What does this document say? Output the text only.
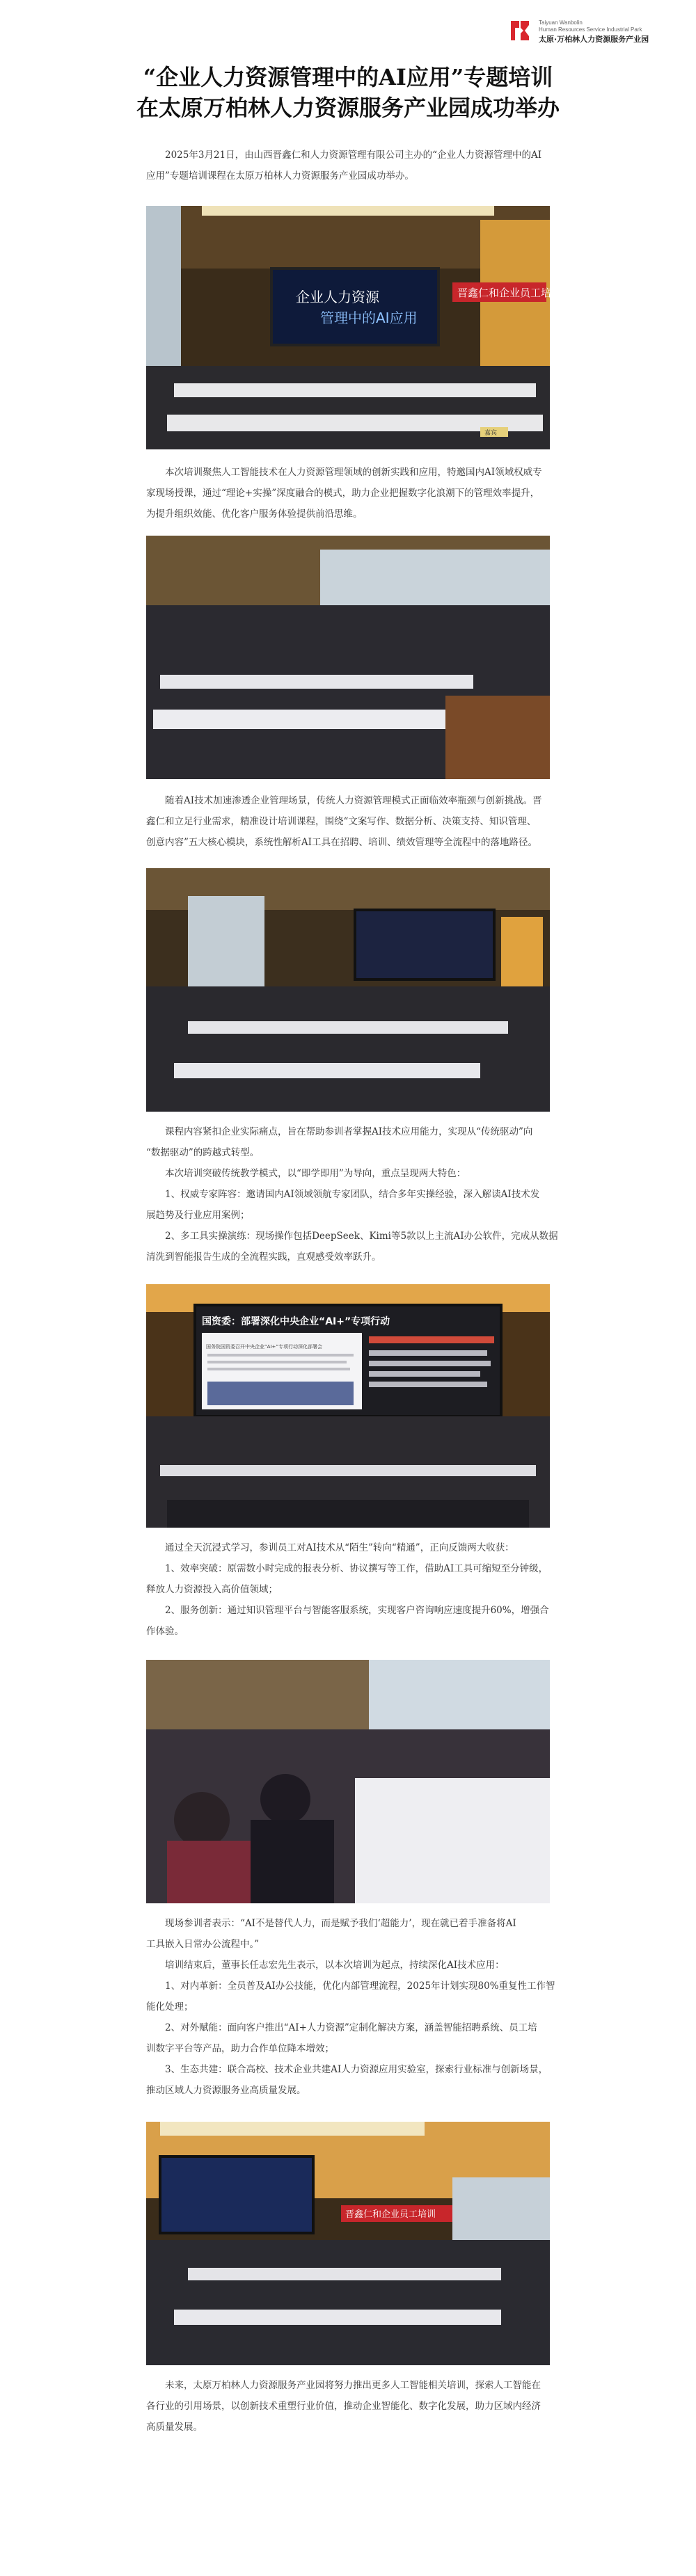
Taiyuan Wanbolin
Human Resources Service Industrial Park
太原·万柏林人力资源服务产业园
“企业人力资源管理中的AI应用”专题培训
在太原万柏林人力资源服务产业园成功举办
2025年3月21日，由山西晋鑫仁和人力资源管理有限公司主办的“企业人力资源管理中的AI
应用”专题培训课程在太原万柏林人力资源服务产业园成功举办。
企业人力资源
管理中的AI应用
晋鑫仁和企业员工培训
嘉宾
本次培训聚焦人工智能技术在人力资源管理领域的创新实践和应用，特邀国内AI领域权威专
家现场授课，通过“理论+实操”深度融合的模式，助力企业把握数字化浪潮下的管理效率提升，
为提升组织效能、优化客户服务体验提供前沿思维。
随着AI技术加速渗透企业管理场景，传统人力资源管理模式正面临效率瓶颈与创新挑战。晋
鑫仁和立足行业需求，精准设计培训课程，围绕“文案写作、数据分析、决策支持、知识管理、
创意内容”五大核心模块，系统性解析AI工具在招聘、培训、绩效管理等全流程中的落地路径。
课程内容紧扣企业实际痛点，旨在帮助参训者掌握AI技术应用能力，实现从“传统驱动”向
“数据驱动”的跨越式转型。
本次培训突破传统教学模式，以“即学即用”为导向，重点呈现两大特色：
1、权威专家阵容：邀请国内AI领域领航专家团队，结合多年实操经验，深入解读AI技术发
展趋势及行业应用案例；
2、多工具实操演练：现场操作包括DeepSeek、Kimi等5款以上主流AI办公软件，完成从数据
清洗到智能报告生成的全流程实践，直观感受效率跃升。
国资委：部署深化中央企业“AI+”专项行动
国务院国资委召开中央企业“AI+”专项行动深化部署会
通过全天沉浸式学习，参训员工对AI技术从“陌生”转向“精通”，正向反馈两大收获：
1、效率突破：原需数小时完成的报表分析、协议撰写等工作，借助AI工具可缩短至分钟级，
释放人力资源投入高价值领域；
2、服务创新：通过知识管理平台与智能客服系统，实现客户咨询响应速度提升60%，增强合
作体验。
现场参训者表示：“AI不是替代人力，而是赋予我们‘超能力’，现在就已着手准备将AI
工具嵌入日常办公流程中。”
培训结束后，董事长任志宏先生表示，以本次培训为起点，持续深化AI技术应用：
1、对内革新：全员普及AI办公技能，优化内部管理流程，2025年计划实现80%重复性工作智
能化处理；
2、对外赋能：面向客户推出“AI+人力资源”定制化解决方案，涵盖智能招聘系统、员工培
训数字平台等产品，助力合作单位降本增效；
3、生态共建：联合高校、技术企业共建AI人力资源应用实验室，探索行业标准与创新场景，
推动区域人力资源服务业高质量发展。
晋鑫仁和企业员工培训
未来，太原万柏林人力资源服务产业园将努力推出更多人工智能相关培训，探索人工智能在
各行业的引用场景，以创新技术重塑行业价值，推动企业智能化、数字化发展，助力区域内经济
高质量发展。
